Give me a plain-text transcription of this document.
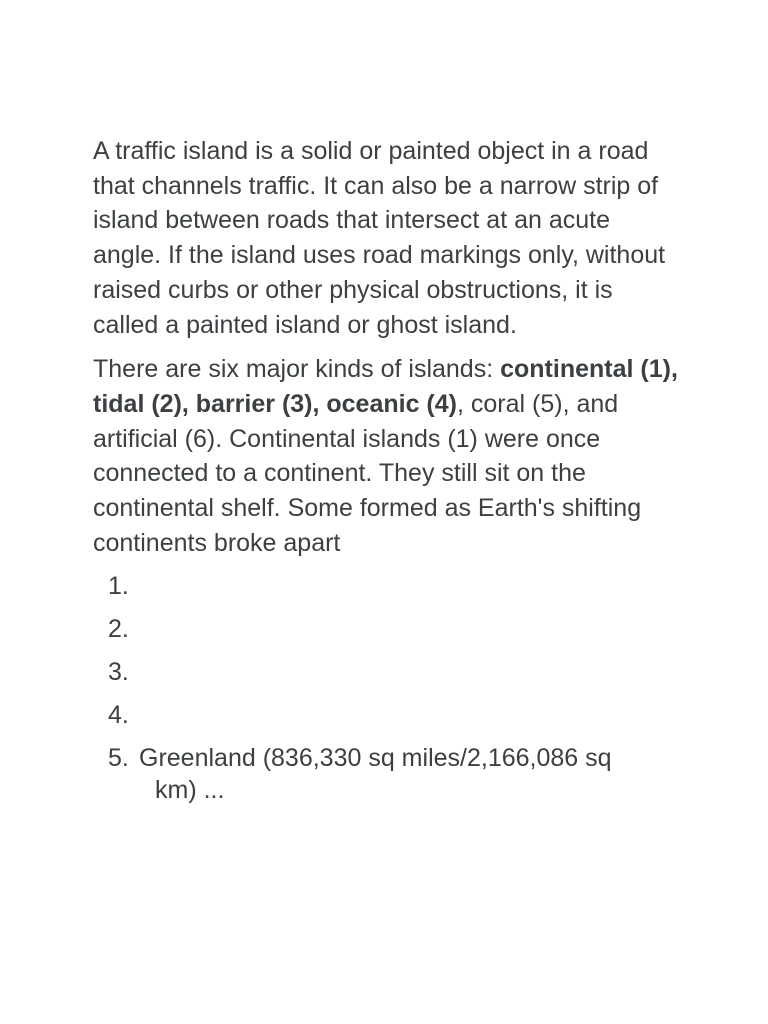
A traffic island is a solid or painted object in a road that channels traffic. It can also be a narrow strip of island between roads that intersect at an acute angle. If the island uses road markings only, without raised curbs or other physical obstructions, it is called a painted island or ghost island.

There are six major kinds of islands: continental (1), tidal (2), barrier (3), oceanic (4), coral (5), and artificial (6). Continental islands (1) were once connected to a continent. They still sit on the continental shelf. Some formed as Earth's shifting continents broke apart

1.
2.
3.
4.
5. Greenland (836,330 sq miles/2,166,086 sq
km) ...
